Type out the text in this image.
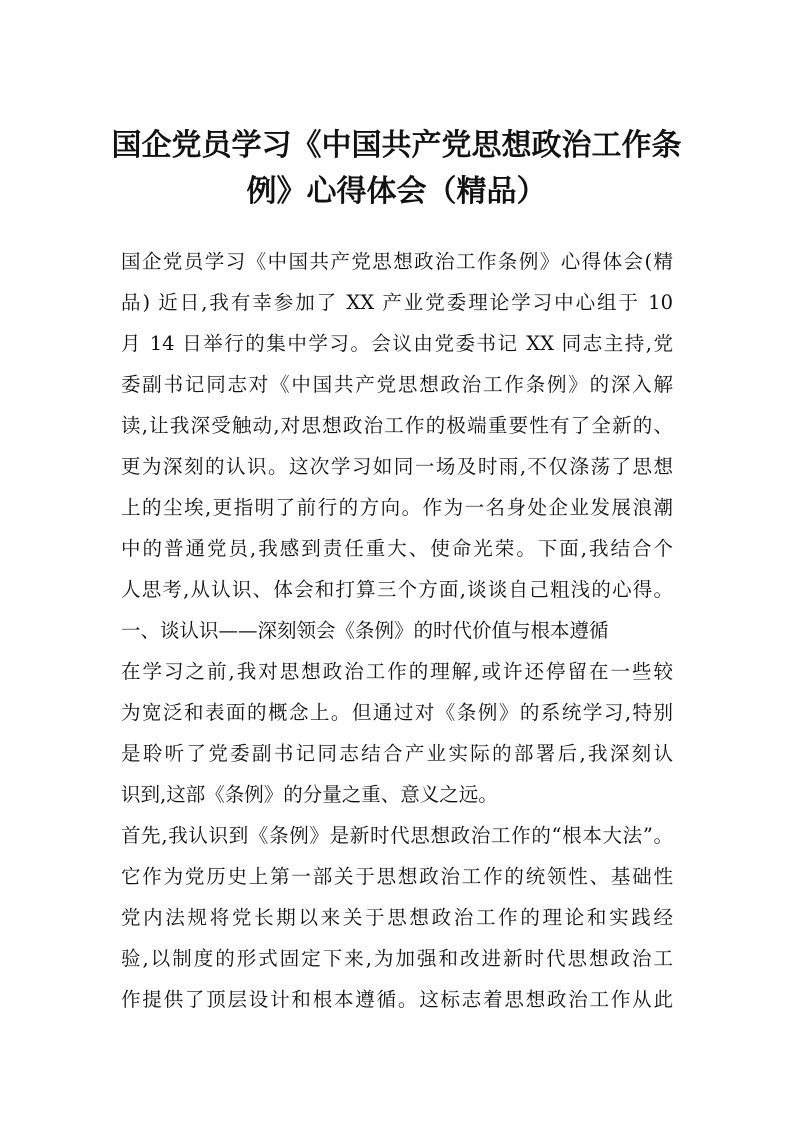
国企党员学习《中国共产党思想政治工作条
例》心得体会（精品）

国企党员学习《中国共产党思想政治工作条例》心得体会(精

品) 近日,我有幸参加了 XX 产业党委理论学习中心组于 10

月 14 日举行的集中学习。会议由党委书记 XX 同志主持,党

委副书记同志对《中国共产党思想政治工作条例》的深入解

读,让我深受触动,对思想政治工作的极端重要性有了全新的、

更为深刻的认识。这次学习如同一场及时雨,不仅涤荡了思想

上的尘埃,更指明了前行的方向。作为一名身处企业发展浪潮

中的普通党员,我感到责任重大、使命光荣。下面,我结合个

人思考,从认识、体会和打算三个方面,谈谈自己粗浅的心得。

一、谈认识——深刻领会《条例》的时代价值与根本遵循

在学习之前,我对思想政治工作的理解,或许还停留在一些较

为宽泛和表面的概念上。但通过对《条例》的系统学习,特别

是聆听了党委副书记同志结合产业实际的部署后,我深刻认

识到,这部《条例》的分量之重、意义之远。

首先,我认识到《条例》是新时代思想政治工作的“根本大法”。

它作为党历史上第一部关于思想政治工作的统领性、基础性

党内法规将党长期以来关于思想政治工作的理论和实践经

验,以制度的形式固定下来,为加强和改进新时代思想政治工

作提供了顶层设计和根本遵循。这标志着思想政治工作从此
